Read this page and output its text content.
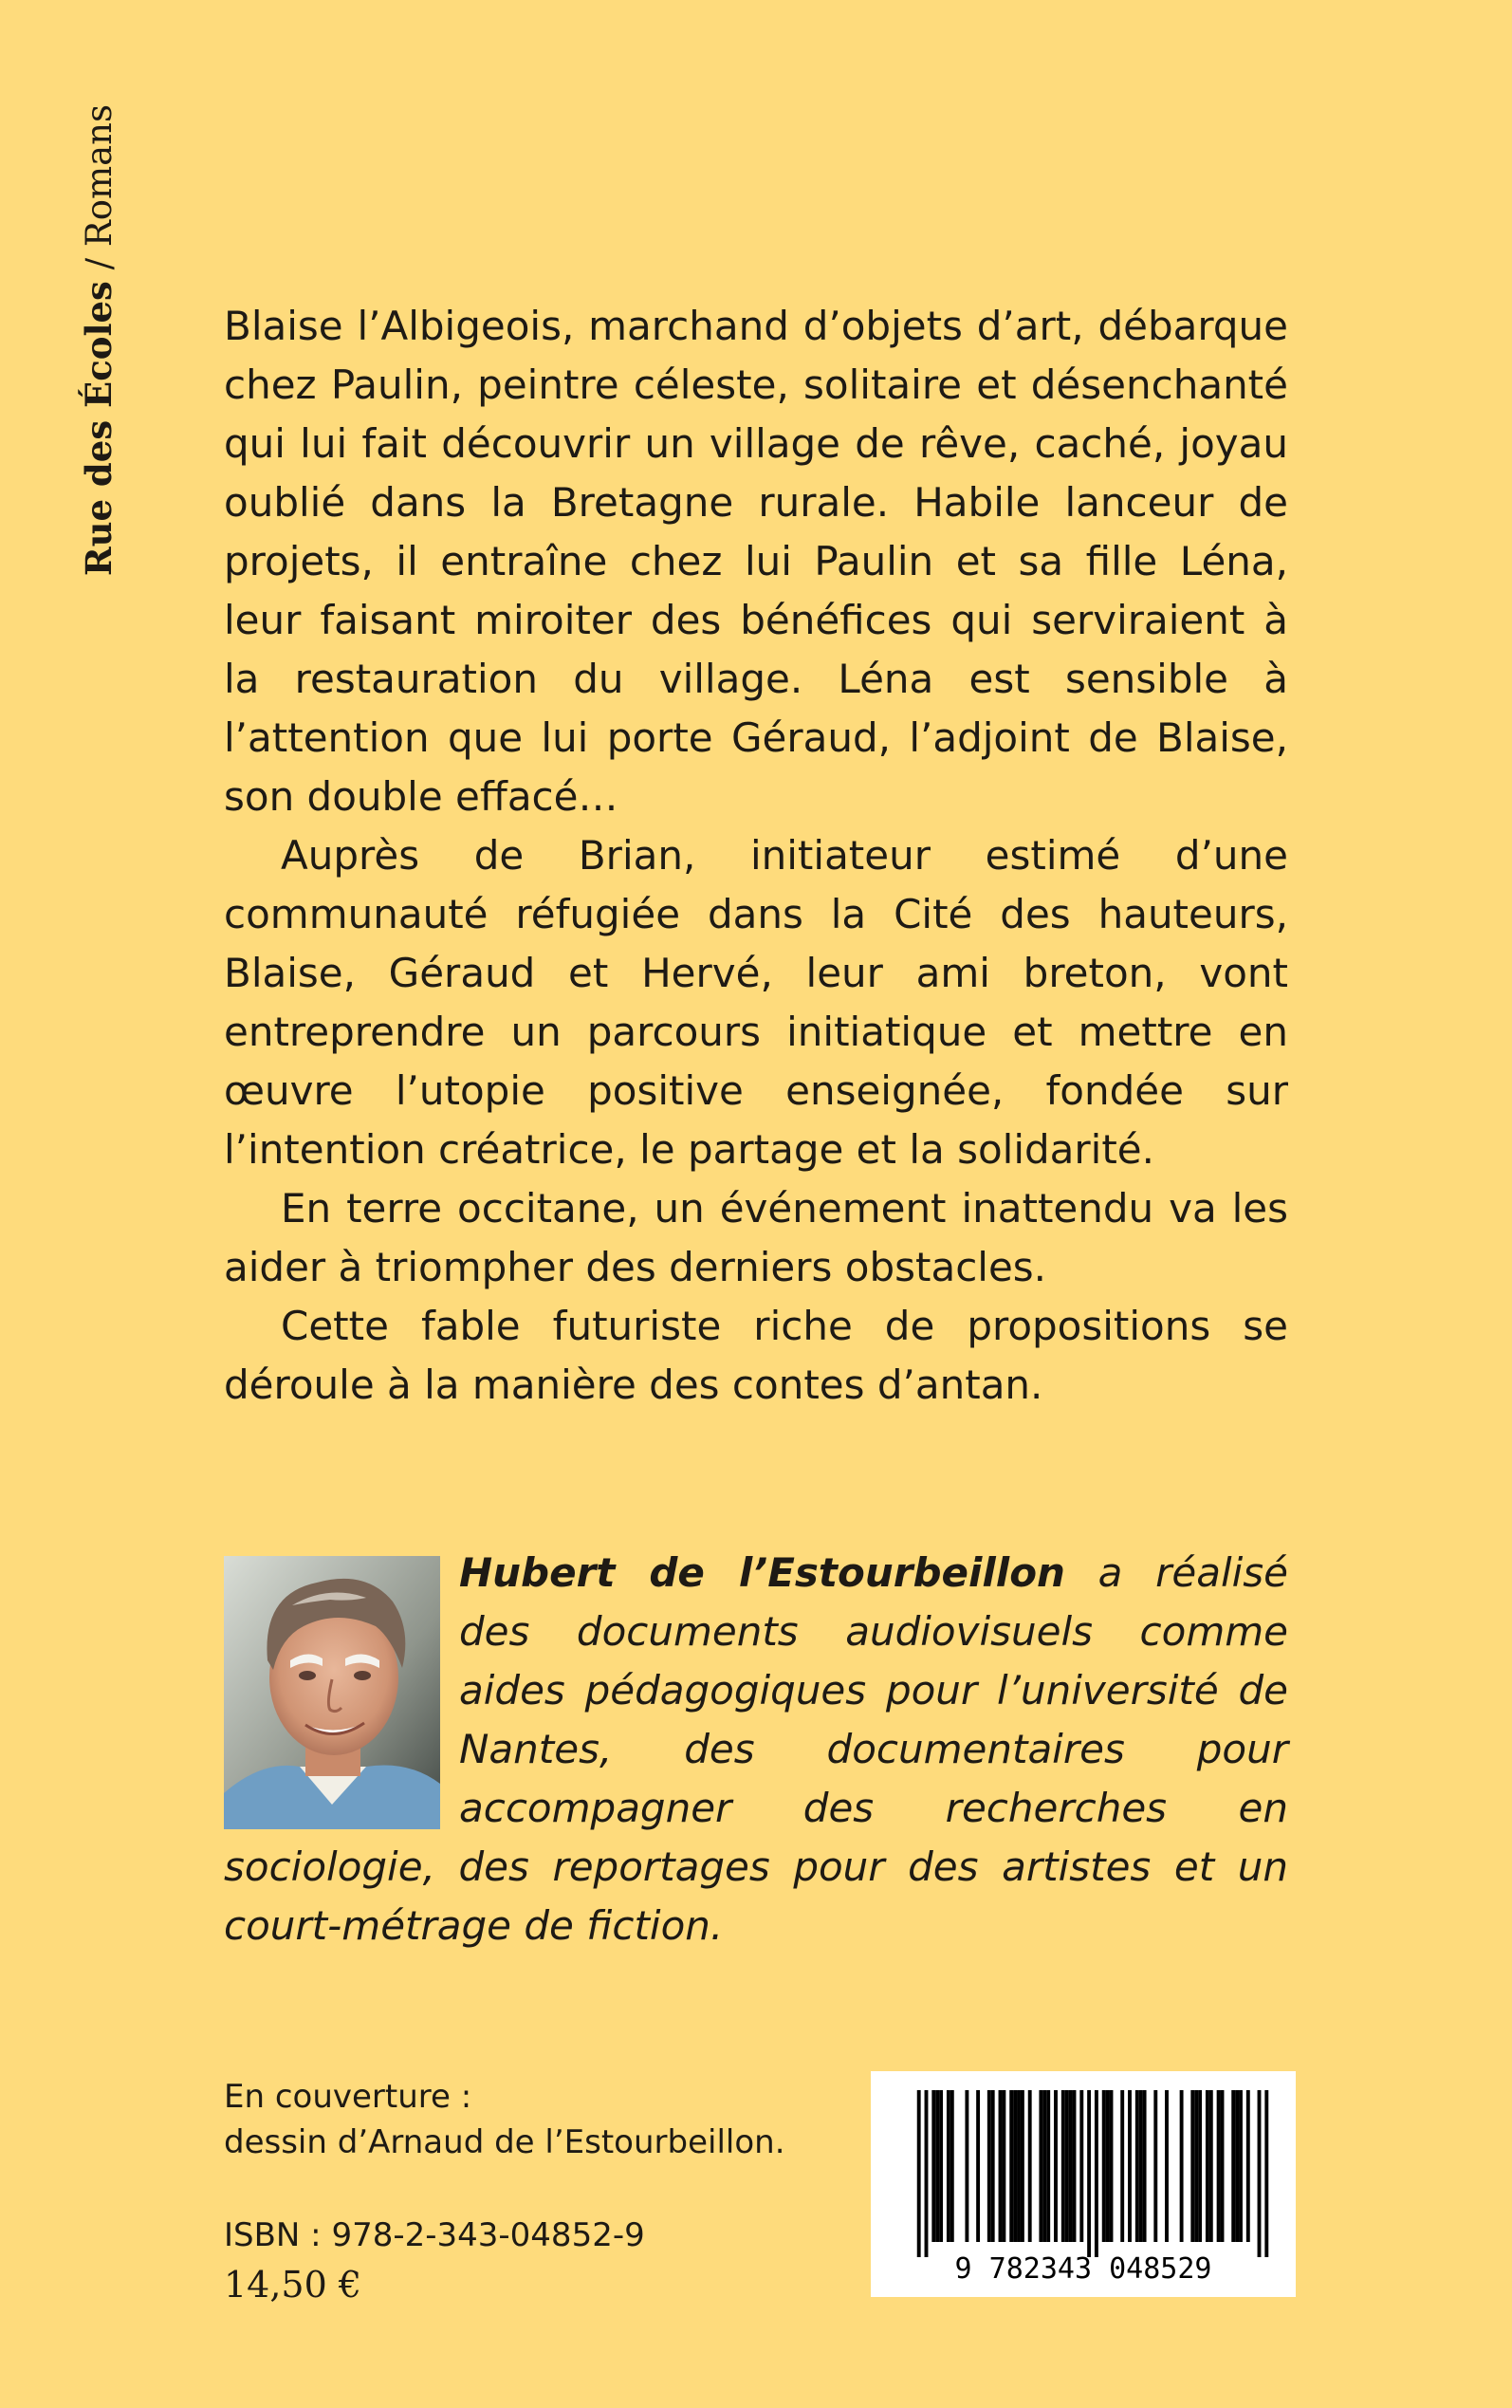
Rue des Écoles / Romans

Blaise l’Albigeois, marchand d’objets d’art, débarque chez Paulin, peintre céleste, solitaire et désenchanté qui lui fait découvrir un village de rêve, caché, joyau oublié dans la Bretagne rurale. Habile lanceur de projets, il entraîne chez lui Paulin et sa fille Léna, leur faisant miroiter des bénéfices qui serviraient à la restauration du village. Léna est sensible à l’attention que lui porte Géraud, l’adjoint de Blaise, son double effacé…

Auprès de Brian, initiateur estimé d’une communauté réfugiée dans la Cité des hauteurs, Blaise, Géraud et Hervé, leur ami breton, vont entreprendre un parcours initiatique et mettre en œuvre l’utopie positive enseignée, fondée sur l’intention créatrice, le partage et la solidarité.

En terre occitane, un événement inattendu va les aider à triompher des derniers obstacles.

Cette fable futuriste riche de propositions se déroule à la manière des contes d’antan.

Hubert de l’Estourbeillon a réalisé des documents audiovisuels comme aides pédagogiques pour l’université de Nantes, des documentaires pour accompagner des recherches en sociologie, des reportages pour des artistes et un court-métrage de fiction.
En couverture :
dessin d’Arnaud de l’Estourbeillon.
ISBN : 978-2-343-04852-9
14,50 €	9 782343 048529
